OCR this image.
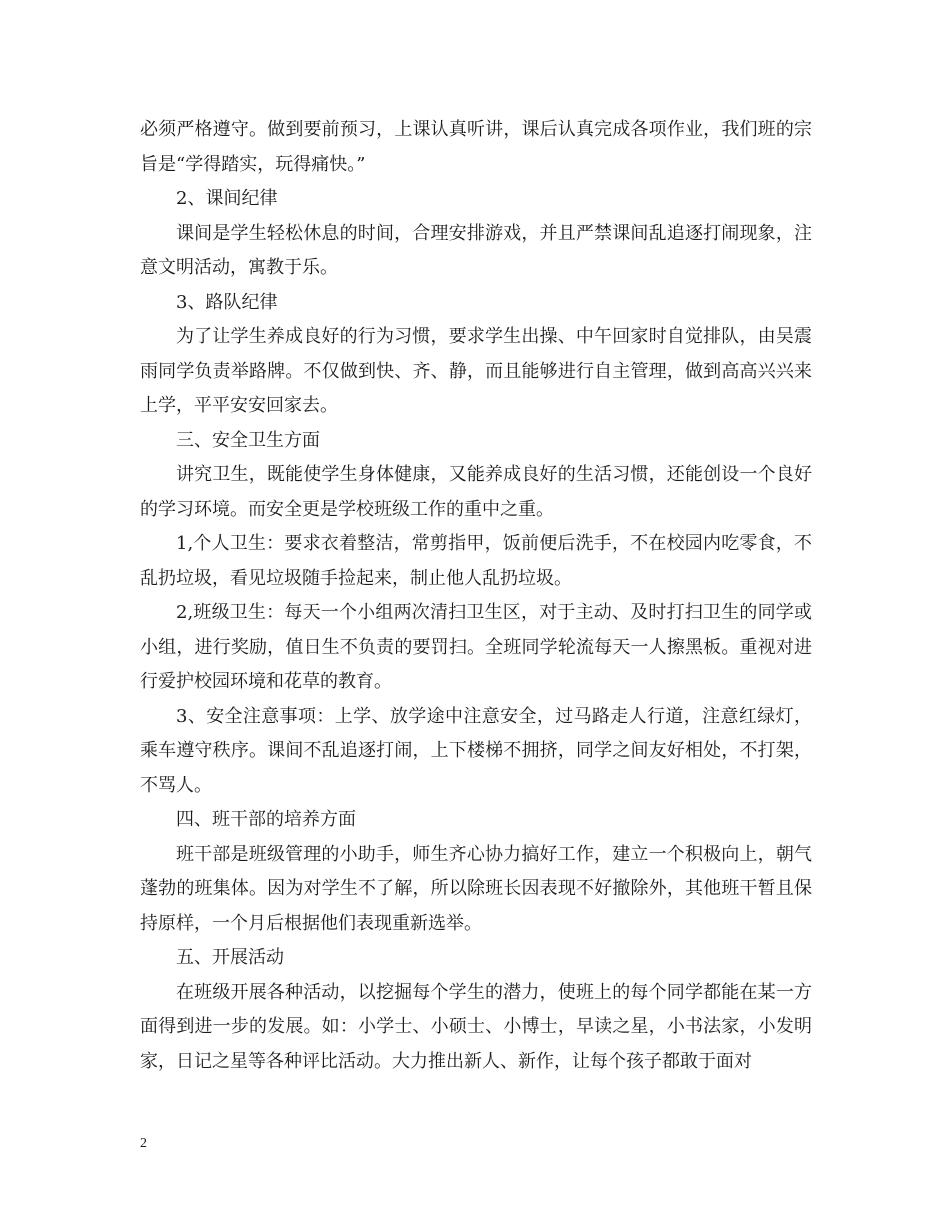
必须严格遵守。做到要前预习，上课认真听讲，课后认真完成各项作业，我们班的宗旨是“学得踏实，玩得痛快。”

2、课间纪律

课间是学生轻松休息的时间，合理安排游戏，并且严禁课间乱追逐打闹现象，注意文明活动，寓教于乐。

3、路队纪律

为了让学生养成良好的行为习惯，要求学生出操、中午回家时自觉排队，由吴震雨同学负责举路牌。不仅做到快、齐、静，而且能够进行自主管理，做到高高兴兴来上学，平平安安回家去。

三、安全卫生方面

讲究卫生，既能使学生身体健康，又能养成良好的生活习惯，还能创设一个良好的学习环境。而安全更是学校班级工作的重中之重。

1,个人卫生：要求衣着整洁，常剪指甲，饭前便后洗手，不在校园内吃零食，不乱扔垃圾，看见垃圾随手捡起来，制止他人乱扔垃圾。

2,班级卫生：每天一个小组两次清扫卫生区，对于主动、及时打扫卫生的同学或小组，进行奖励，值日生不负责的要罚扫。全班同学轮流每天一人擦黑板。重视对进行爱护校园环境和花草的教育。

3、安全注意事项：上学、放学途中注意安全，过马路走人行道，注意红绿灯，乘车遵守秩序。课间不乱追逐打闹，上下楼梯不拥挤，同学之间友好相处，不打架，不骂人。

四、班干部的培养方面

班干部是班级管理的小助手，师生齐心协力搞好工作，建立一个积极向上，朝气蓬勃的班集体。因为对学生不了解，所以除班长因表现不好撤除外，其他班干暂且保持原样，一个月后根据他们表现重新选举。

五、开展活动

在班级开展各种活动，以挖掘每个学生的潜力，使班上的每个同学都能在某一方面得到进一步的发展。如：小学士、小硕士、小博士，早读之星，小书法家，小发明家，日记之星等各种评比活动。大力推出新人、新作，让每个孩子都敢于面对

2
